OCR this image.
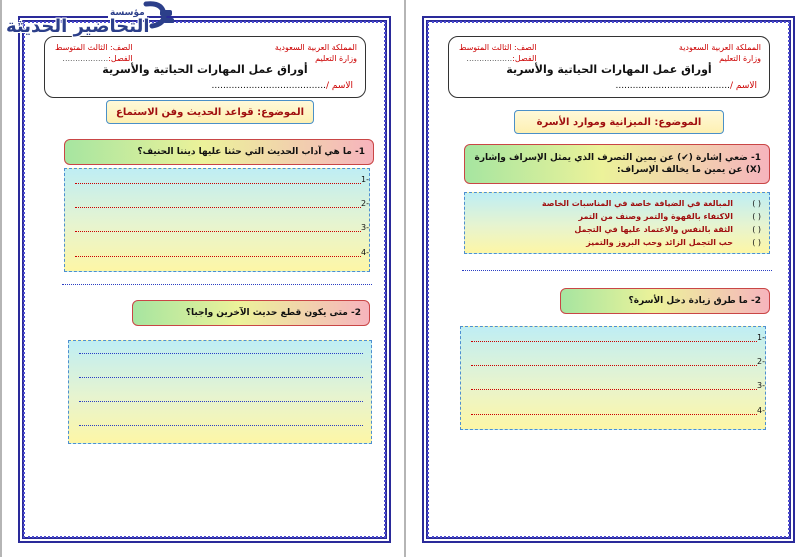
المملكة العربية السعودية
وزارة التعليم
الصف: الثالث المتوسط
الفصل:..................
أوراق عمل المهارات الحياتية والأسرية
الاسم /........................................
الموضوع: قواعد الحديث وفن الاستماع
1- ما هي آداب الحديث التي حثنا عليها ديننا الحنيف؟
1-
2-
3-
4-
2- متى يكون قطع حديث الآخرين واجبا؟
المملكة العربية السعودية
وزارة التعليم
الصف: الثالث المتوسط
الفصل:..................
أوراق عمل المهارات الحياتية والأسرية
الاسم /........................................
الموضوع: الميزانية وموارد الأسرة
1- ضعي إشارة (✔) عن يمين التصرف الذي يمثل الإسراف وإشارة (X) عن يمين ما يخالف الإسراف:
( )المبالغة في الضيافة خاصة في المناسبات الخاصة
( )الاكتفاء بالقهوة والتمر وصنف من التمر
( )الثقة بالنفس والاعتماد عليها في التجمل
( )حب التجمل الزائد وحب البروز والتميز
2- ما طرق زيادة دخل الأسرة؟
1-
2-
3-
4-
مؤسسة
التحاضير الحديثة
